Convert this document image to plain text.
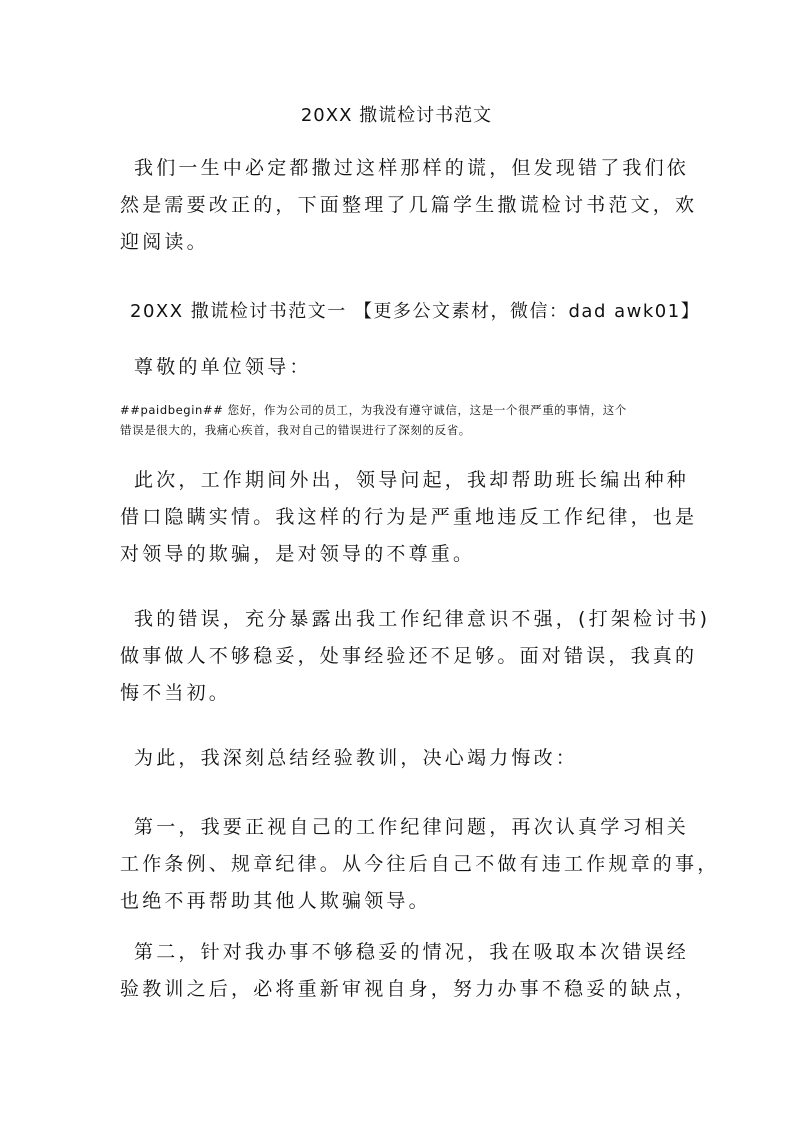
20XX 撒谎检讨书范文
我们一生中必定都撒过这样那样的谎，但发现错了我们依
然是需要改正的，下面整理了几篇学生撒谎检讨书范文，欢
迎阅读。
20XX 撒谎检讨书范文一 【更多公文素材，微信：dad awk01】
尊敬的单位领导：
##paidbegin## 您好，作为公司的员工，为我没有遵守诚信，这是一个很严重的事情，这个
错误是很大的，我痛心疾首，我对自己的错误进行了深刻的反省。
此次，工作期间外出，领导问起，我却帮助班长编出种种
借口隐瞒实情。我这样的行为是严重地违反工作纪律，也是
对领导的欺骗，是对领导的不尊重。
我的错误，充分暴露出我工作纪律意识不强，(打架检讨书)
做事做人不够稳妥，处事经验还不足够。面对错误，我真的
悔不当初。
为此，我深刻总结经验教训，决心竭力悔改：
第一，我要正视自己的工作纪律问题，再次认真学习相关
工作条例、规章纪律。从今往后自己不做有违工作规章的事，
也绝不再帮助其他人欺骗领导。
第二，针对我办事不够稳妥的情况，我在吸取本次错误经
验教训之后，必将重新审视自身，努力办事不稳妥的缺点，
